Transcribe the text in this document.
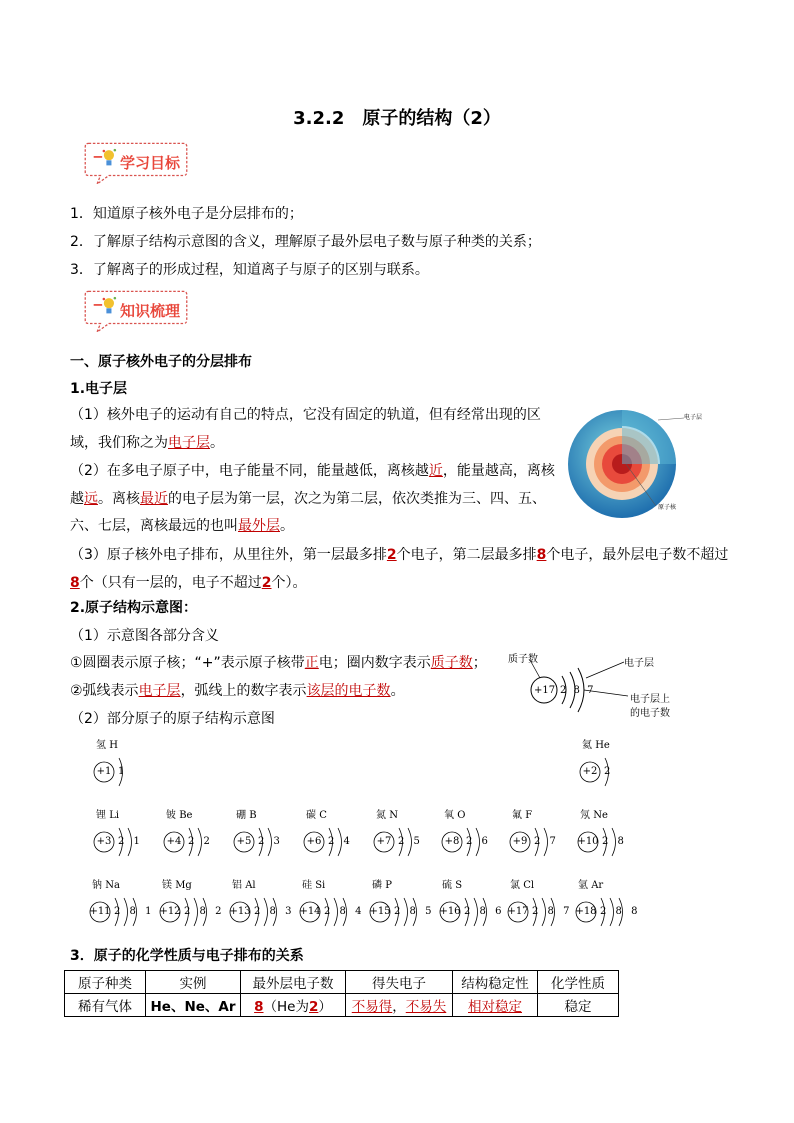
3.2.2　原子的结构（2）
学习目标
1．知道原子核外电子是分层排布的；
2．了解原子结构示意图的含义，理解原子最外层电子数与原子种类的关系；
3．了解离子的形成过程，知道离子与原子的区别与联系。
知识梳理
一、原子核外电子的分层排布
1.电子层
（1）核外电子的运动有自己的特点，它没有固定的轨道，但有经常出现的区域，我们称之为电子层。
（2）在多电子原子中，电子能量不同，能量越低，离核越近，能量越高，离核越远。离核最近的电子层为第一层，次之为第二层，依次类推为三、四、五、六、七层，离核最远的也叫最外层。
（3）原子核外电子排布，从里往外，第一层最多排2个电子，第二层最多排8个电子，最外层电子数不超过8个（只有一层的，电子不超过2个）。
电子层
原子核
2.原子结构示意图：
（1）示意图各部分含义
①圆圈表示原子核；“+”表示原子核带正电；圈内数字表示质子数；
②弧线表示电子层，弧线上的数字表示该层的电子数。
（2）部分原子的原子结构示意图
质子数	电子层
电子层上
的电子数
+17 2 8 7
氢 H
+1 1
氦 He
+2 2
锂 Li
+3 2 1
铍 Be
+4 2 2
硼 B
+5 2 3
碳 C
+6 2 4
氮 N
+7 2 5
氧 O
+8 2 6
氟 F
+9 2 7
氖 Ne
+10 2 8
钠 Na
+11 2 8 1
镁 Mg
+12 2 8 2
铝 Al
+13 2 8 3
硅 Si
+14 2 8 4
磷 P
+15 2 8 5
硫 S
+16 2 8 6
氯 Cl
+17 2 8 7
氩 Ar
+18 2 8 8
3．原子的化学性质与电子排布的关系
原子种类	实例	最外层电子数	得失电子	结构稳定性	化学性质
稀有气体	He、Ne、Ar	8（He为2）	不易得，不易失	相对稳定	稳定
